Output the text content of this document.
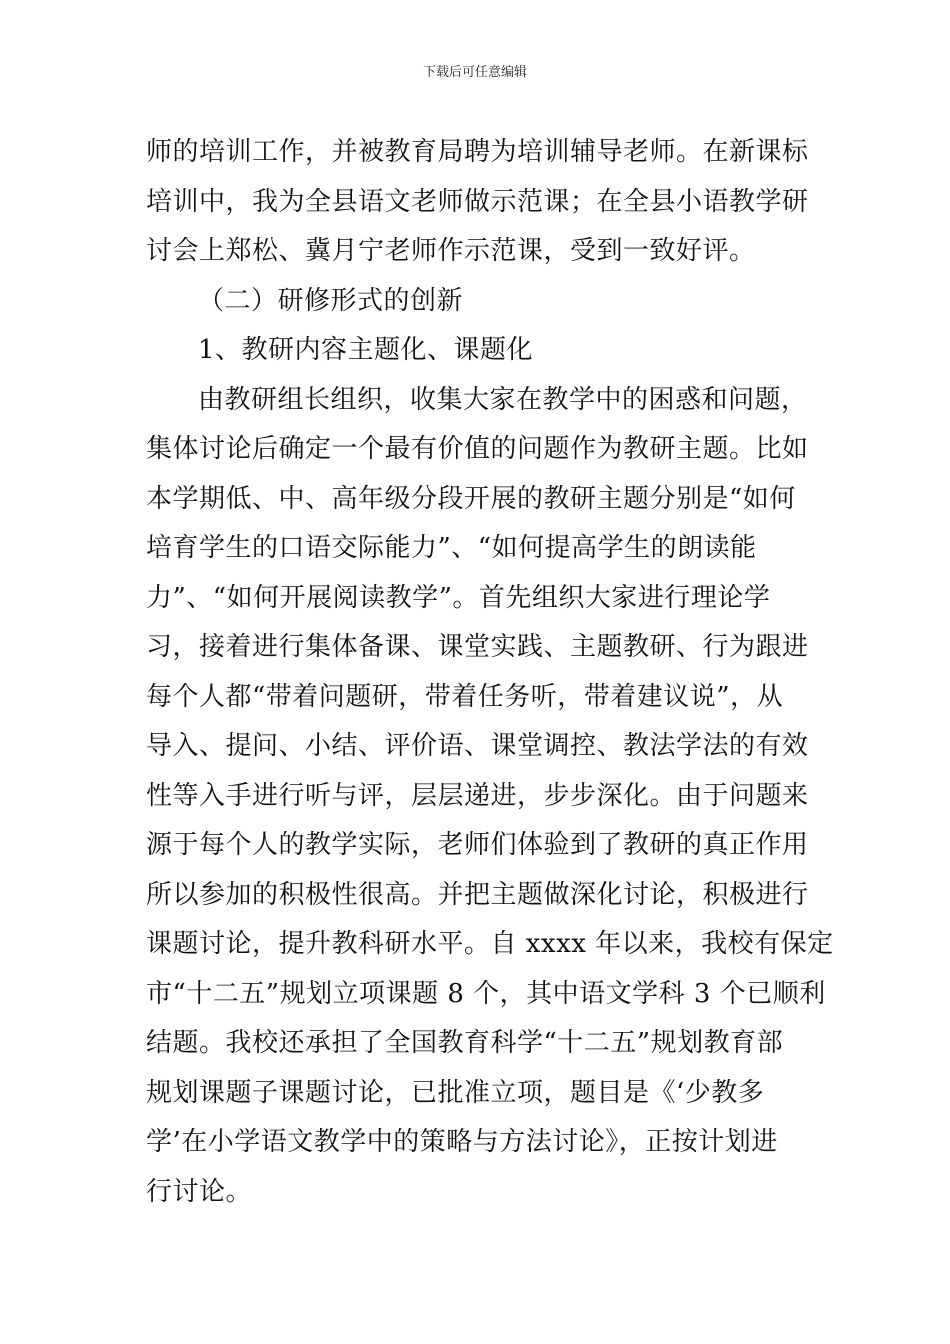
下载后可任意编辑
师的培训工作，并被教育局聘为培训辅导老师。在新课标
培训中，我为全县语文老师做示范课；在全县小语教学研
讨会上郑松、冀月宁老师作示范课，受到一致好评。
（二）研修形式的创新
1、教研内容主题化、课题化
由教研组长组织，收集大家在教学中的困惑和问题，
集体讨论后确定一个最有价值的问题作为教研主题。比如
本学期低、中、高年级分段开展的教研主题分别是“如何
培育学生的口语交际能力”、“如何提高学生的朗读能
力”、“如何开展阅读教学”。首先组织大家进行理论学
习，接着进行集体备课、课堂实践、主题教研、行为跟进
每个人都“带着问题研，带着任务听，带着建议说”，从
导入、提问、小结、评价语、课堂调控、教法学法的有效
性等入手进行听与评，层层递进，步步深化。由于问题来
源于每个人的教学实际，老师们体验到了教研的真正作用
所以参加的积极性很高。并把主题做深化讨论，积极进行
课题讨论，提升教科研水平。自 xxxx 年以来，我校有保定
市“十二五”规划立项课题 8 个，其中语文学科 3 个已顺利
结题。我校还承担了全国教育科学“十二五”规划教育部
规划课题子课题讨论，已批准立项，题目是《‘少教多
学’在小学语文教学中的策略与方法讨论》，正按计划进
行讨论。
